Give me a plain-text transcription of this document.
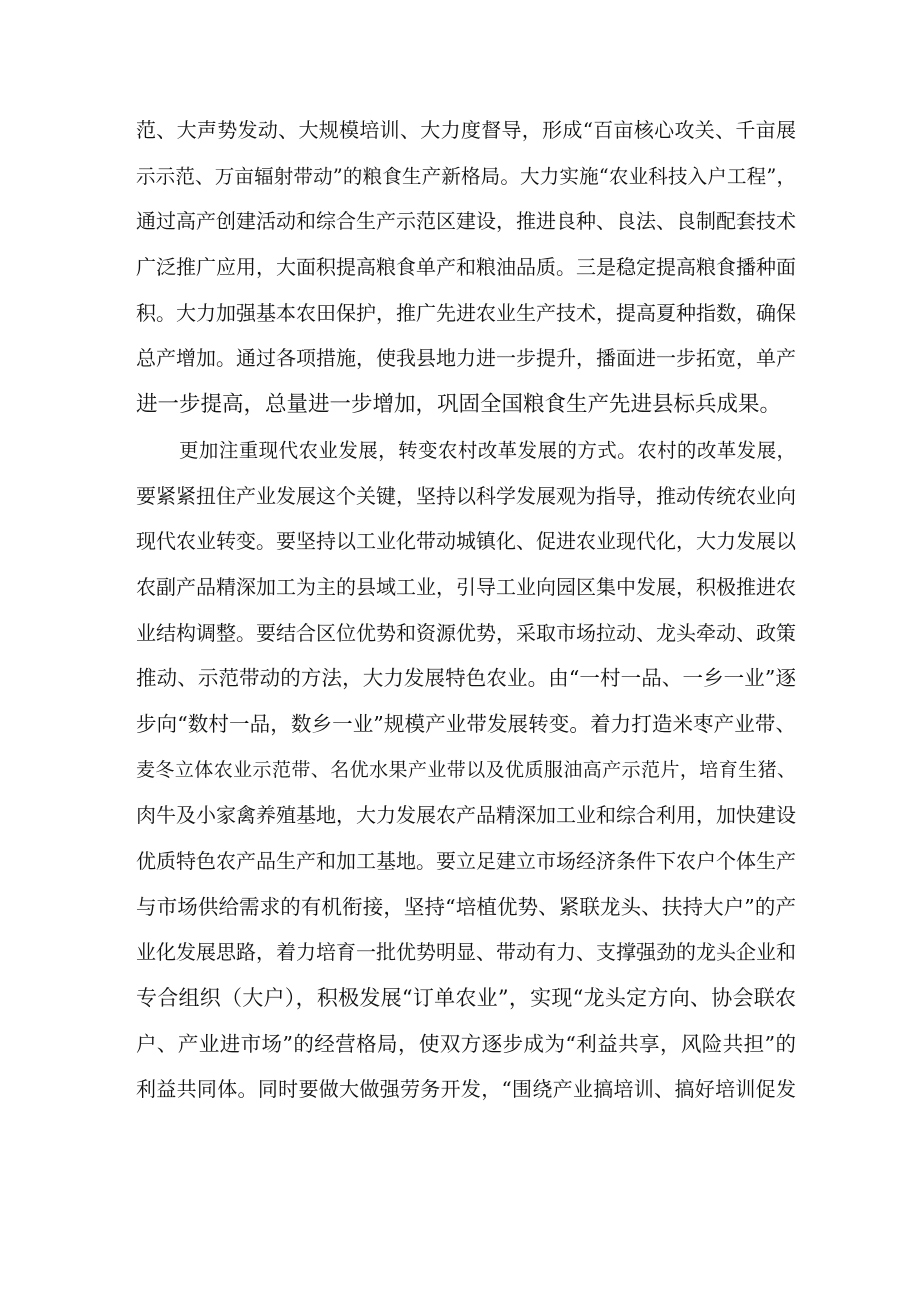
范、大声势发动、大规模培训、大力度督导，形成“百亩核心攻关、千亩展
示示范、万亩辐射带动”的粮食生产新格局。大力实施“农业科技入户工程”，
通过高产创建活动和综合生产示范区建设，推进良种、良法、良制配套技术
广泛推广应用，大面积提高粮食单产和粮油品质。三是稳定提高粮食播种面
积。大力加强基本农田保护，推广先进农业生产技术，提高夏种指数，确保
总产增加。通过各项措施，使我县地力进一步提升，播面进一步拓宽，单产
进一步提高，总量进一步增加，巩固全国粮食生产先进县标兵成果。
更加注重现代农业发展，转变农村改革发展的方式。农村的改革发展，
要紧紧扭住产业发展这个关键，坚持以科学发展观为指导，推动传统农业向
现代农业转变。要坚持以工业化带动城镇化、促进农业现代化，大力发展以
农副产品精深加工为主的县域工业，引导工业向园区集中发展，积极推进农
业结构调整。要结合区位优势和资源优势，采取市场拉动、龙头牵动、政策
推动、示范带动的方法，大力发展特色农业。由“一村一品、一乡一业”逐
步向“数村一品，数乡一业”规模产业带发展转变。着力打造米枣产业带、
麦冬立体农业示范带、名优水果产业带以及优质服油高产示范片，培育生猪、
肉牛及小家禽养殖基地，大力发展农产品精深加工业和综合利用，加快建设
优质特色农产品生产和加工基地。要立足建立市场经济条件下农户个体生产
与市场供给需求的有机衔接，坚持“培植优势、紧联龙头、扶持大户”的产
业化发展思路，着力培育一批优势明显、带动有力、支撑强劲的龙头企业和
专合组织（大户），积极发展“订单农业”，实现“龙头定方向、协会联农
户、产业进市场”的经营格局，使双方逐步成为“利益共享，风险共担”的
利益共同体。同时要做大做强劳务开发，“围绕产业搞培训、搞好培训促发
